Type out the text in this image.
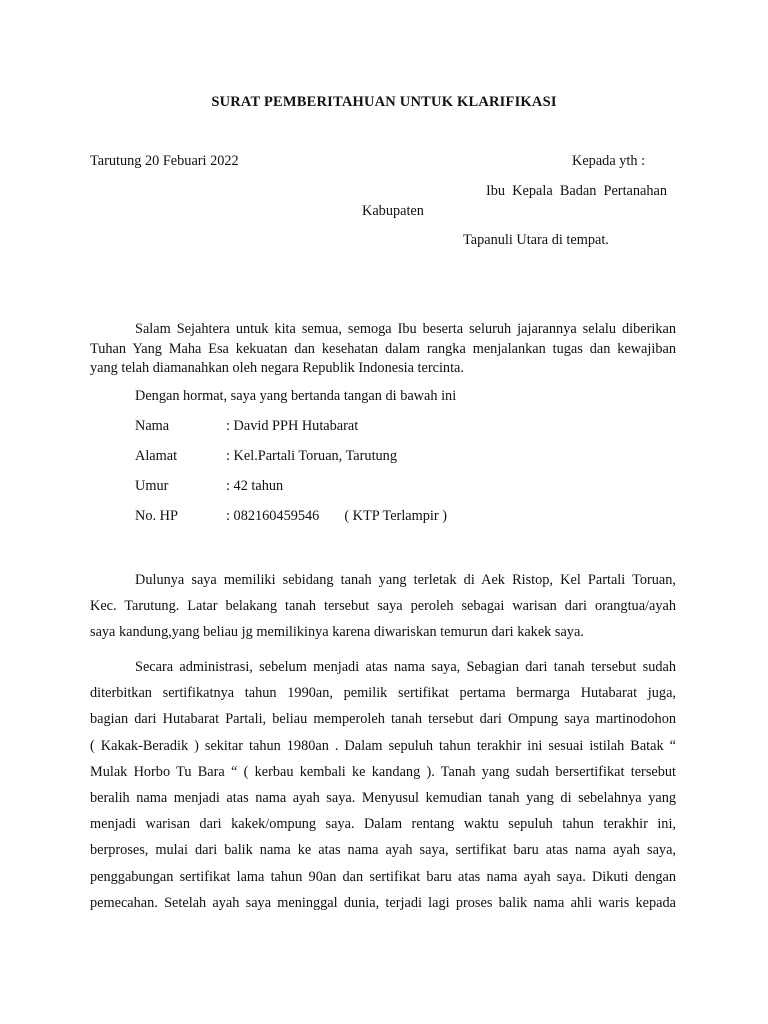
SURAT PEMBERITAHUAN UNTUK KLARIFIKASI
Tarutung 20 Febuari 2022	Kepada yth :
Ibu  Kepala  Badan  Pertanahan
Kabupaten
Tapanuli Utara di tempat.
Salam Sejahtera untuk kita semua, semoga Ibu beserta seluruh jajarannya selalu diberikan
Tuhan Yang Maha Esa kekuatan dan kesehatan dalam rangka menjalankan tugas dan kewajiban
yang telah diamanahkan oleh negara Republik Indonesia tercinta.
Dengan hormat, saya yang bertanda tangan di bawah ini
Nama	: David PPH Hutabarat
Alamat	: Kel.Partali Toruan, Tarutung
Umur	: 42 tahun
No. HP	: 082160459546       ( KTP Terlampir )
Dulunya saya memiliki sebidang tanah yang terletak di Aek Ristop, Kel Partali Toruan,
Kec. Tarutung. Latar belakang tanah tersebut saya peroleh sebagai warisan dari orangtua/ayah
saya kandung,yang beliau jg memilikinya karena diwariskan temurun dari kakek saya.
Secara administrasi, sebelum menjadi atas nama saya, Sebagian dari tanah tersebut sudah
diterbitkan sertifikatnya tahun 1990an, pemilik sertifikat pertama bermarga Hutabarat juga,
bagian dari Hutabarat Partali, beliau memperoleh tanah tersebut dari Ompung saya martinodohon
( Kakak-Beradik ) sekitar tahun 1980an . Dalam sepuluh tahun terakhir ini sesuai istilah Batak “
Mulak Horbo Tu Bara “ ( kerbau kembali ke kandang ). Tanah yang sudah bersertifikat tersebut
beralih nama menjadi atas nama ayah saya. Menyusul kemudian tanah yang di sebelahnya yang
menjadi warisan dari kakek/ompung saya. Dalam rentang waktu sepuluh tahun terakhir ini,
berproses, mulai dari balik nama ke atas nama ayah saya, sertifikat baru atas nama ayah saya,
penggabungan sertifikat lama tahun 90an dan sertifikat baru atas nama ayah saya. Dikuti dengan
pemecahan. Setelah ayah saya meninggal dunia, terjadi lagi proses balik nama ahli waris kepada
